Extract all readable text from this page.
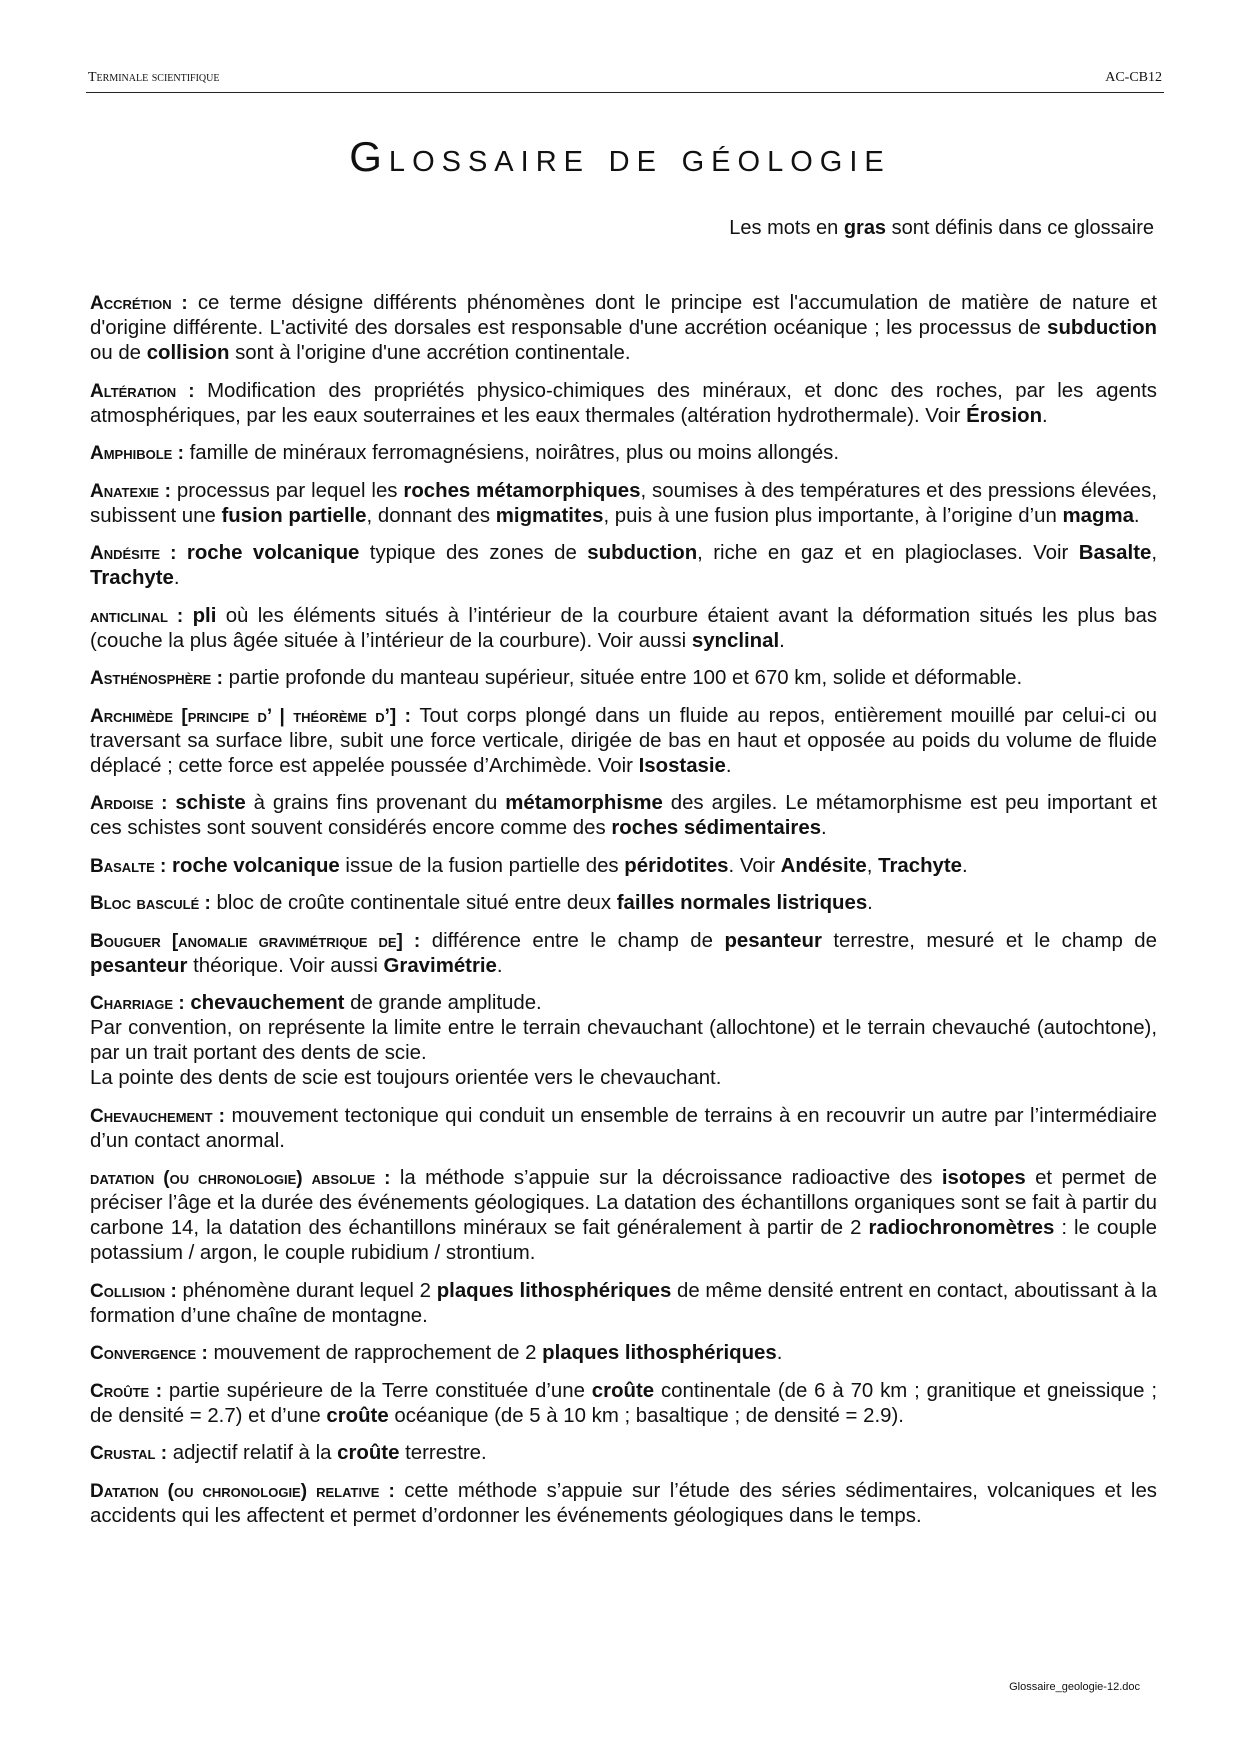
Terminale scientifique	AC-CB12
Glossaire de géologie
Les mots en gras sont définis dans ce glossaire

Accrétion : ce terme désigne différents phénomènes dont le principe est l'accumulation de matière de nature et d'origine différente. L'activité des dorsales est responsable d'une accrétion océanique ; les processus de subduction ou de collision sont à l'origine d'une accrétion continentale.

Altération : Modification des propriétés physico-chimiques des minéraux, et donc des roches, par les agents atmosphériques, par les eaux souterraines et les eaux thermales (altération hydrothermale). Voir Érosion.

Amphibole : famille de minéraux ferromagnésiens, noirâtres, plus ou moins allongés.

Anatexie : processus par lequel les roches métamorphiques, soumises à des températures et des pressions élevées, subissent une fusion partielle, donnant des migmatites, puis à une fusion plus importante, à l’origine d’un magma.

Andésite : roche volcanique typique des zones de subduction, riche en gaz et en plagioclases. Voir Basalte, Trachyte.

anticlinal : pli où les éléments situés à l’intérieur de la courbure étaient avant la déformation situés les plus bas (couche la plus âgée située à l’intérieur de la courbure). Voir aussi synclinal.

Asthénosphère : partie profonde du manteau supérieur, située entre 100 et 670 km, solide et déformable.

Archimède [principe d’ | théorème d’] : Tout corps plongé dans un fluide au repos, entièrement mouillé par celui-ci ou traversant sa surface libre, subit une force verticale, dirigée de bas en haut et opposée au poids du volume de fluide déplacé ; cette force est appelée poussée d’Archimède. Voir Isostasie.

Ardoise : schiste à grains fins provenant du métamorphisme des argiles. Le métamorphisme est peu important et ces schistes sont souvent considérés encore comme des roches sédimentaires.

Basalte : roche volcanique issue de la fusion partielle des péridotites. Voir Andésite, Trachyte.

Bloc basculé : bloc de croûte continentale situé entre deux failles normales listriques.

Bouguer [anomalie gravimétrique de] : différence entre le champ de pesanteur terrestre, mesuré et le champ de pesanteur théorique. Voir aussi Gravimétrie.

Charriage : chevauchement de grande amplitude.
Par convention, on représente la limite entre le terrain chevauchant (allochtone) et le terrain chevauché (autochtone), par un trait portant des dents de scie.
La pointe des dents de scie est toujours orientée vers le chevauchant.

Chevauchement : mouvement tectonique qui conduit un ensemble de terrains à en recouvrir un autre par l’intermédiaire d’un contact anormal.

datation (ou chronologie) absolue : la méthode s’appuie sur la décroissance radioactive des isotopes et permet de préciser l’âge et la durée des événements géologiques. La datation des échantillons organiques sont se fait à partir du carbone 14, la datation des échantillons minéraux se fait généralement à partir de 2 radiochronomètres : le couple potassium / argon, le couple rubidium / strontium.

Collision : phénomène durant lequel 2 plaques lithosphériques de même densité entrent en contact, aboutissant à la formation d’une chaîne de montagne.

Convergence : mouvement de rapprochement de 2 plaques lithosphériques.

Croûte : partie supérieure de la Terre constituée d’une croûte continentale (de 6 à 70 km ; granitique et gneissique ; de densité = 2.7) et d’une croûte océanique (de 5 à 10 km ; basaltique ; de densité = 2.9).

Crustal : adjectif relatif à la croûte terrestre.

Datation (ou chronologie) relative : cette méthode s’appuie sur l’étude des séries sédimentaires, volcaniques et les accidents qui les affectent et permet d’ordonner les événements géologiques dans le temps.

Glossaire_geologie-12.doc
